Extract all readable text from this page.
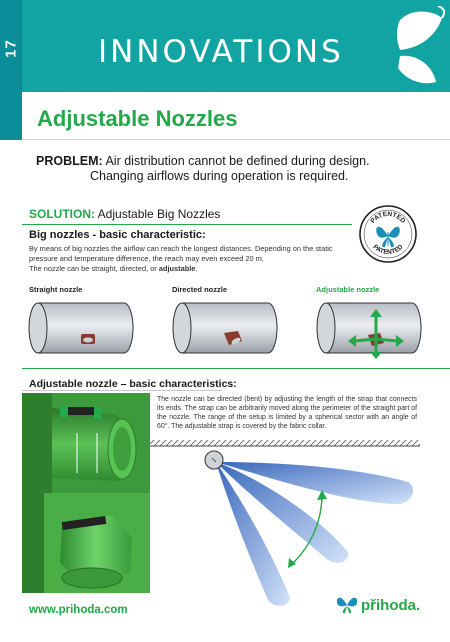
17	INNOVATIONS
Adjustable Nozzles
PROBLEM: Air distribution cannot be defined during design.
Changing airflows during operation is required.
SOLUTION: Adjustable Big Nozzles
Big nozzles - basic characteristic:
By means of big nozzles the airflow can reach the longest distances. Depending on the static pressure and temperature difference, the reach may even exceed 20 m.
The nozzle can be straight, directed, or adjustable.
PATENTED
PATENTED
Straight nozzle	Directed nozzle	Adjustable nozzle
Adjustable nozzle – basic characteristics:
The nozzle can be directed (bent) by adjusting the length of the strap that connects its ends. The strap can be arbitrarily moved along the perimeter of the straight part of the nozzle. The range of the setup is limited by a spherical sector with an angle of 60°. The adjustable strap is covered by the fabric collar.
www.prihoda.com	přihoda.
